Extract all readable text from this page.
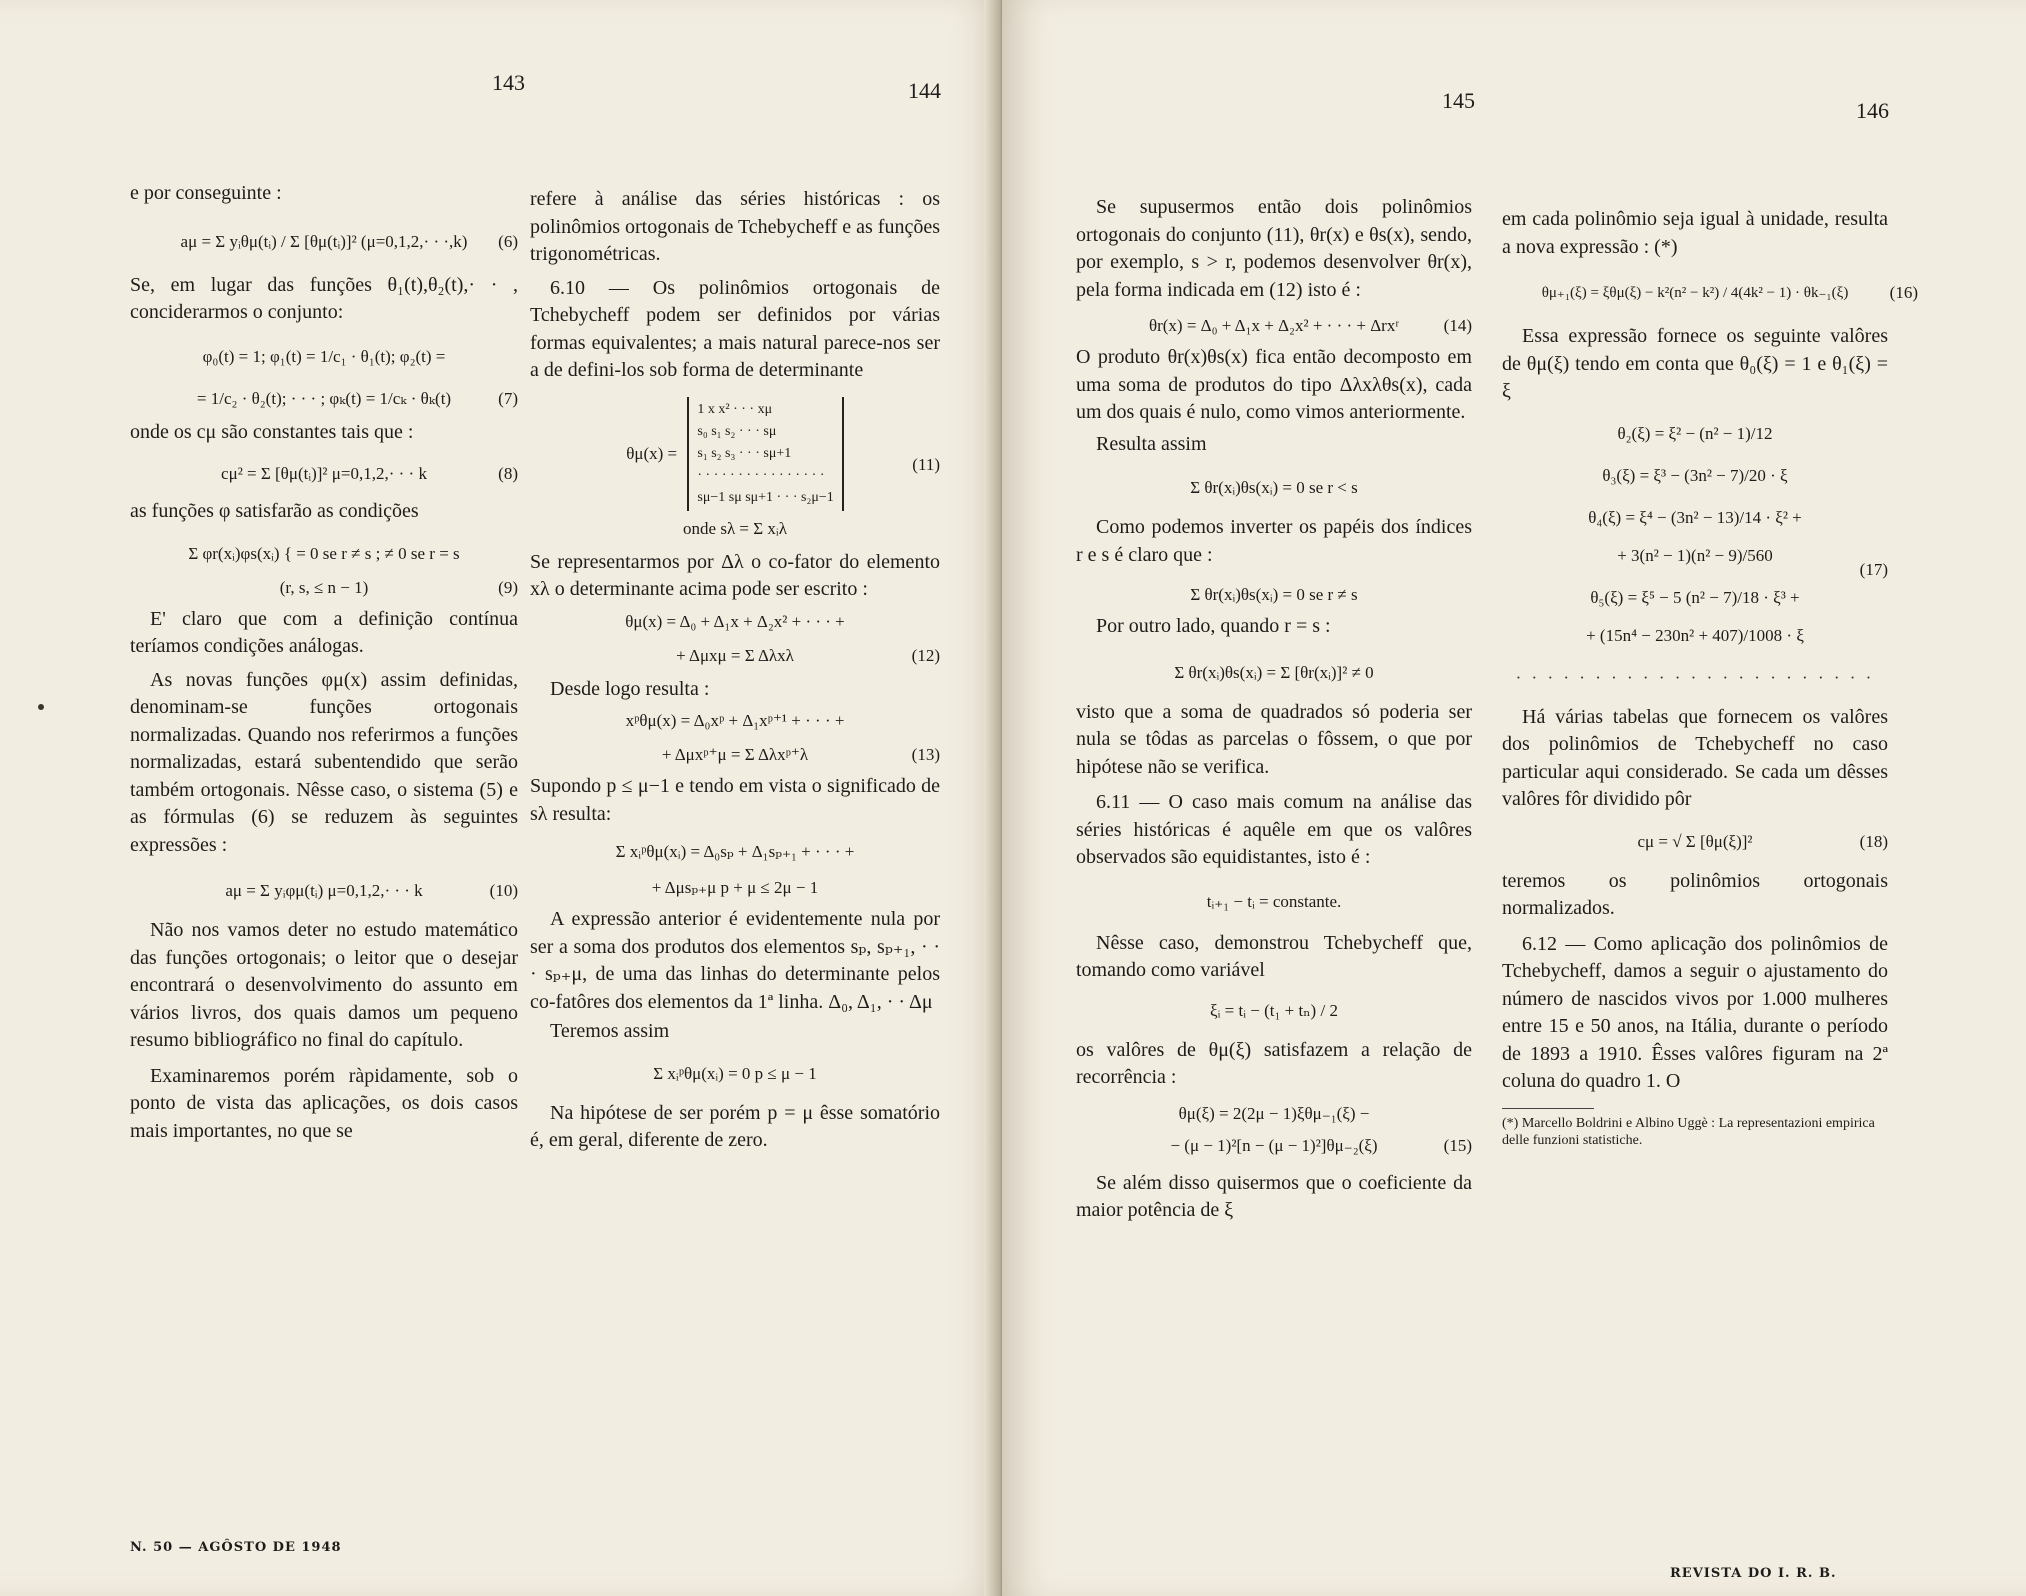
143	144

e por conseguinte :

aμ = Σ yᵢθμ(tᵢ) / Σ [θμ(tᵢ)]² (μ=0,1,2,· · ·,k) (6)

Se, em lugar das funções θ₁(t),θ₂(t),· · , conciderarmos o conjunto:

φ₀(t) = 1; φ₁(t) = 1/c₁ · θ₁(t); φ₂(t) =
= 1/c₂ · θ₂(t); · · · ; φₖ(t) = 1/cₖ · θₖ(t)	(7)

onde os cμ são constantes tais que :

cμ² = Σ [θμ(tᵢ)]² μ=0,1,2,· · · k	(8)

as funções φ satisfarão as condições

Σ φr(xᵢ)φs(xᵢ) { = 0 se r ≠ s ; ≠ 0 se r = s
(r, s, ≤ n − 1)	(9)

E' claro que com a definição contínua teríamos condições análogas.

As novas funções φμ(x) assim definidas, denominam-se funções ortogonais normalizadas. Quando nos referirmos a funções normalizadas, estará subentendido que serão também ortogonais. Nêsse caso, o sistema (5) e as fórmulas (6) se reduzem às seguintes expressões :

aμ = Σ yᵢφμ(tᵢ) μ=0,1,2,· · · k	(10)

Não nos vamos deter no estudo matemático das funções ortogonais; o leitor que o desejar encontrará o desenvolvimento do assunto em vários livros, dos quais damos um pequeno resumo bibliográfico no final do capítulo.

Examinaremos porém ràpidamente, sob o ponto de vista das aplicações, os dois casos mais importantes, no que se

refere à análise das séries históricas : os polinômios ortogonais de Tchebycheff e as funções trigonométricas.

6.10 — Os polinômios ortogonais de Tchebycheff podem ser definidos por várias formas equivalentes; a mais natural parece-nos ser a de defini-los sob forma de determinante

θμ(x) =
1 x x² · · · xμ
s₀ s₁ s₂ · · · sμ
s₁ s₂ s₃ · · · sμ+1
· · · · · · · · · · · · · · · ·
sμ−1 sμ sμ+1 · · · s₂μ−1
(11)
onde sλ = Σ xᵢλ

Se representarmos por Δλ o co-fator do elemento xλ o determinante acima pode ser escrito :

θμ(x) = Δ₀ + Δ₁x + Δ₂x² + · · · +
+ Δμxμ = Σ Δλxλ	(12)

Desde logo resulta :

xᵖθμ(x) = Δ₀xᵖ + Δ₁xᵖ⁺¹ + · · · +
+ Δμxᵖ⁺μ = Σ Δλxᵖ⁺λ	(13)

Supondo p ≤ μ−1 e tendo em vista o significado de sλ resulta:

Σ xᵢᵖθμ(xᵢ) = Δ₀sₚ + Δ₁sₚ₊₁ + · · · +
+ Δμsₚ₊μ p + μ ≤ 2μ − 1

A expressão anterior é evidentemente nula por ser a soma dos produtos dos elementos sₚ, sₚ₊₁, · · · sₚ₊μ, de uma das linhas do determinante pelos co-fatôres dos elementos da 1ª linha. Δ₀, Δ₁, · · Δμ

Teremos assim

Σ xᵢᵖθμ(xᵢ) = 0 p ≤ μ − 1

Na hipótese de ser porém p = μ êsse somatório é, em geral, diferente de zero.

N. 50 — AGÔSTO DE 1948
145	146

Se supusermos então dois polinômios ortogonais do conjunto (11), θr(x) e θs(x), sendo, por exemplo, s > r, podemos desenvolver θr(x), pela forma indicada em (12) isto é :

θr(x) = Δ₀ + Δ₁x + Δ₂x² + · · · + Δrxʳ	(14)

O produto θr(x)θs(x) fica então decomposto em uma soma de produtos do tipo Δλxλθs(x), cada um dos quais é nulo, como vimos anteriormente.

Resulta assim

Σ θr(xᵢ)θs(xᵢ) = 0 se r < s

Como podemos inverter os papéis dos índices r e s é claro que :

Σ θr(xᵢ)θs(xᵢ) = 0 se r ≠ s

Por outro lado, quando r = s :

Σ θr(xᵢ)θs(xᵢ) = Σ [θr(xᵢ)]² ≠ 0

visto que a soma de quadrados só poderia ser nula se tôdas as parcelas o fôssem, o que por hipótese não se verifica.

6.11 — O caso mais comum na análise das séries históricas é aquêle em que os valôres observados são equidistantes, isto é :

tᵢ₊₁ − tᵢ = constante.

Nêsse caso, demonstrou Tchebycheff que, tomando como variável

ξᵢ = tᵢ − (t₁ + tₙ) / 2

os valôres de θμ(ξ) satisfazem a relação de recorrência :

θμ(ξ) = 2(2μ − 1)ξθμ₋₁(ξ) −
− (μ − 1)²[n − (μ − 1)²]θμ₋₂(ξ)	(15)

Se além disso quisermos que o coeficiente da maior potência de ξ

em cada polinômio seja igual à unidade, resulta a nova expressão : (*)

θμ₊₁(ξ) = ξθμ(ξ) − k²(n² − k²) / 4(4k² − 1) · θk₋₁(ξ) (16)

Essa expressão fornece os seguinte valôres de θμ(ξ) tendo em conta que θ₀(ξ) = 1 e θ₁(ξ) = ξ

θ₂(ξ) = ξ² − (n² − 1)/12
θ₃(ξ) = ξ³ − (3n² − 7)/20 · ξ
θ₄(ξ) = ξ⁴ − (3n² − 13)/14 · ξ² +
+ 3(n² − 1)(n² − 9)/560
θ₅(ξ) = ξ⁵ − 5 (n² − 7)/18 · ξ³ +
+ (15n⁴ − 230n² + 407)/1008 · ξ
(17)
· · · · · · · · · · · · · · · · · · · · · · ·

Há várias tabelas que fornecem os valôres dos polinômios de Tchebycheff no caso particular aqui considerado. Se cada um dêsses valôres fôr dividido pôr

cμ = √ Σ [θμ(ξ)]²	(18)

teremos os polinômios ortogonais normalizados.

6.12 — Como aplicação dos polinômios de Tchebycheff, damos a seguir o ajustamento do número de nascidos vivos por 1.000 mulheres entre 15 e 50 anos, na Itália, durante o período de 1893 a 1910. Êsses valôres figuram na 2ª coluna do quadro 1. O

(*) Marcello Boldrini e Albino Uggè : La representazioni empirica delle funzioni statistiche.
REVISTA DO I. R. B.
